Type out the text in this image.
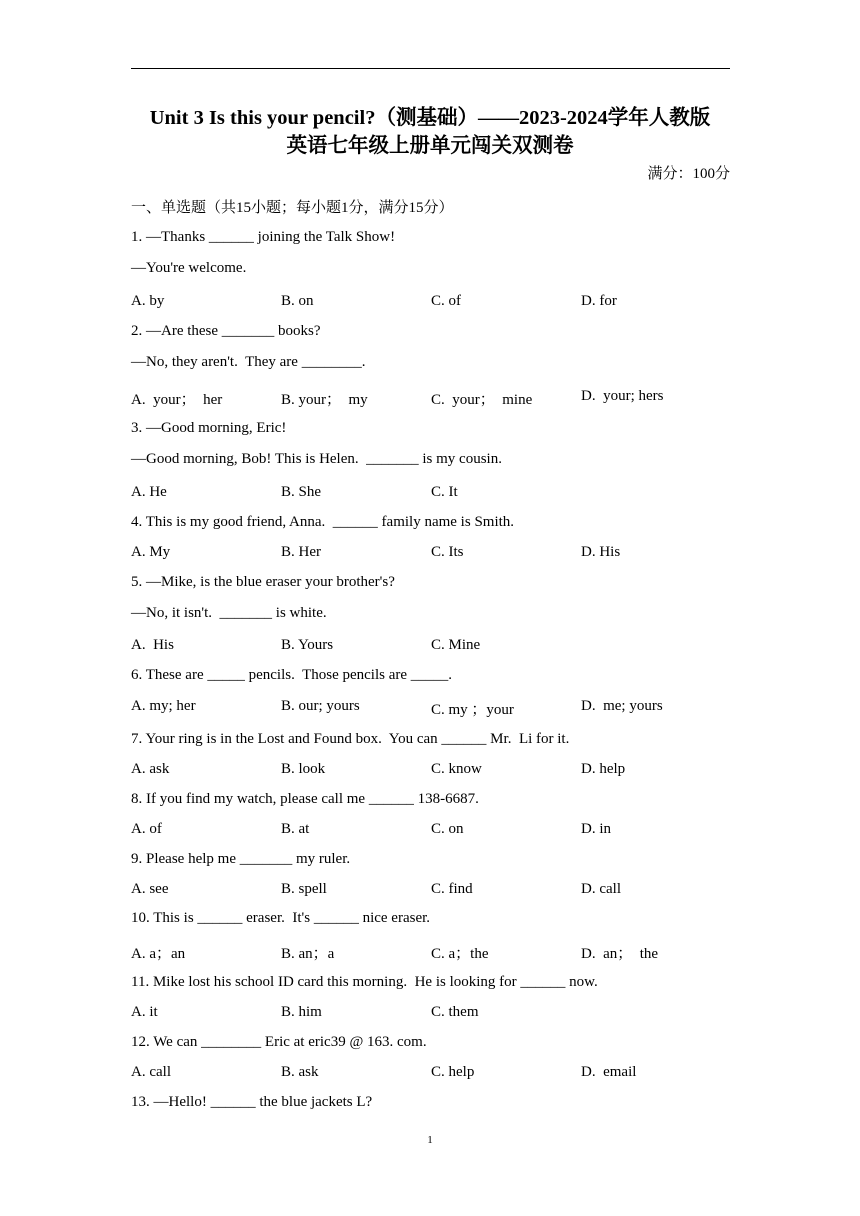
Unit 3 Is this your pencil?（测基础）——2023-2024学年人教版
英语七年级上册单元闯关双测卷
满分：100分
一、单选题（共15小题；每小题1分，满分15分）
1. —Thanks ______ joining the Talk Show!
—You're welcome.
A. by	B. on	C. of	D. for
2. —Are these _______ books?
—No, they aren't.  They are ________.
A.  your；  her	B. your；  my	C.  your；  mine	D.  your; hers
3. —Good morning, Eric!
—Good morning, Bob! This is Helen.  _______ is my cousin.
A. He	B. She	C. It
4. This is my good friend, Anna.  ______ family name is Smith.
A. My	B. Her	C. Its	D. His
5. —Mike, is the blue eraser your brother's?
—No, it isn't.  _______ is white.
A.  His	B. Yours	C. Mine
6. These are _____ pencils.  Those pencils are _____.
A. my; her	B. our; yours	C. my ；your	D.  me; yours
7. Your ring is in the Lost and Found box.  You can ______ Mr.  Li for it.
A. ask	B. look	C. know	D. help
8. If you find my watch, please call me ______ 138-6687.
A. of	B. at	C. on	D. in
9. Please help me _______ my ruler.
A. see	B. spell	C. find	D. call
10. This is ______ eraser.  It's ______ nice eraser.
A. a；an	B. an；a	C. a；the	D.  an；  the
11. Mike lost his school ID card this morning.  He is looking for ______ now.
A. it	B. him	C. them
12. We can ________ Eric at eric39 @ 163. com.
A. call	B. ask	C. help	D.  email
13. —Hello! ______ the blue jackets L?
1
